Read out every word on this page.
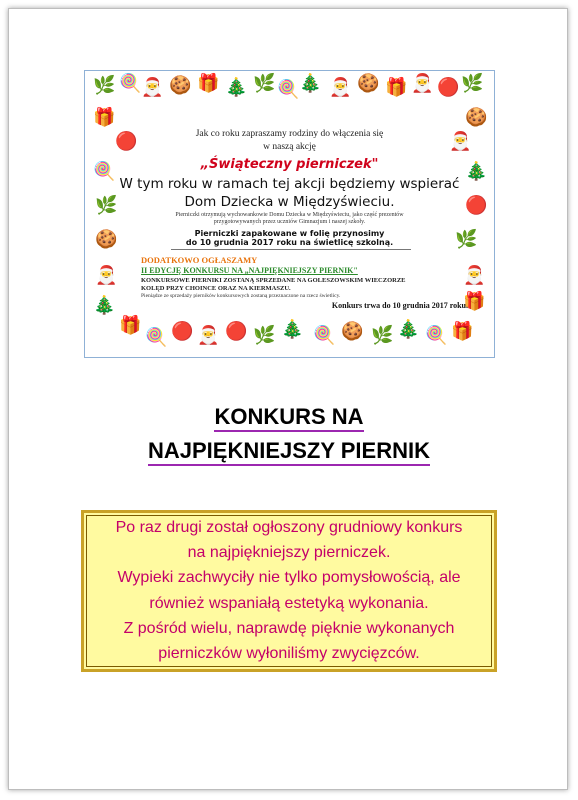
🌿 🍭 🎅 🍪 🎁 🎄 🌿 🍭 🎄 🎅 🍪 🎁 🎅 🔴 🌿
🎁
🔴
🍭
🌿
🍪
🎅
🎄
🍪
🎅
🎄
🔴
🌿
🎅
🎁
🎁
🍭 🔴 🎅 🔴 🌿 🎄 🍭 🍪 🌿 🎄 🍭 🎁
Jak co roku zapraszamy rodziny do włączenia się
w naszą akcję
„Świąteczny pierniczek"
W tym roku w ramach tej akcji będziemy wspierać
Dom Dziecka w Międzyświeciu.
Pierniczki otrzymują wychowankowie Domu Dziecka w Międzyświeciu, jako część prezentów
przygotowywanych przez uczniów Gimnazjum i naszej szkoły.
Pierniczki zapakowane w folię przynosimy
do 10 grudnia 2017 roku na świetlicę szkolną.
DODATKOWO OGŁASZAMY
II EDYCJĘ KONKURSU NA „NAJPIĘKNIEJSZY PIERNIK"
KONKURSOWE PIERNIKI ZOSTANĄ SPRZEDANE NA GOLESZOWSKIM WIECZORZE
KOLĘD PRZY CHOINCE ORAZ NA KIERMASZU.
Pieniądze ze sprzedaży pierników konkursowych zostaną przeznaczone na rzecz świetlicy.
Konkurs trwa do 10 grudnia 2017 roku.
KONKURS NA
NAJPIĘKNIEJSZY PIERNIK
Po raz drugi został ogłoszony grudniowy konkurs
na najpiękniejszy pierniczek.
Wypieki zachwyciły nie tylko pomysłowością, ale
również wspaniałą estetyką wykonania.
Z pośród wielu, naprawdę pięknie wykonanych
pierniczków wyłoniliśmy zwycięzców.
